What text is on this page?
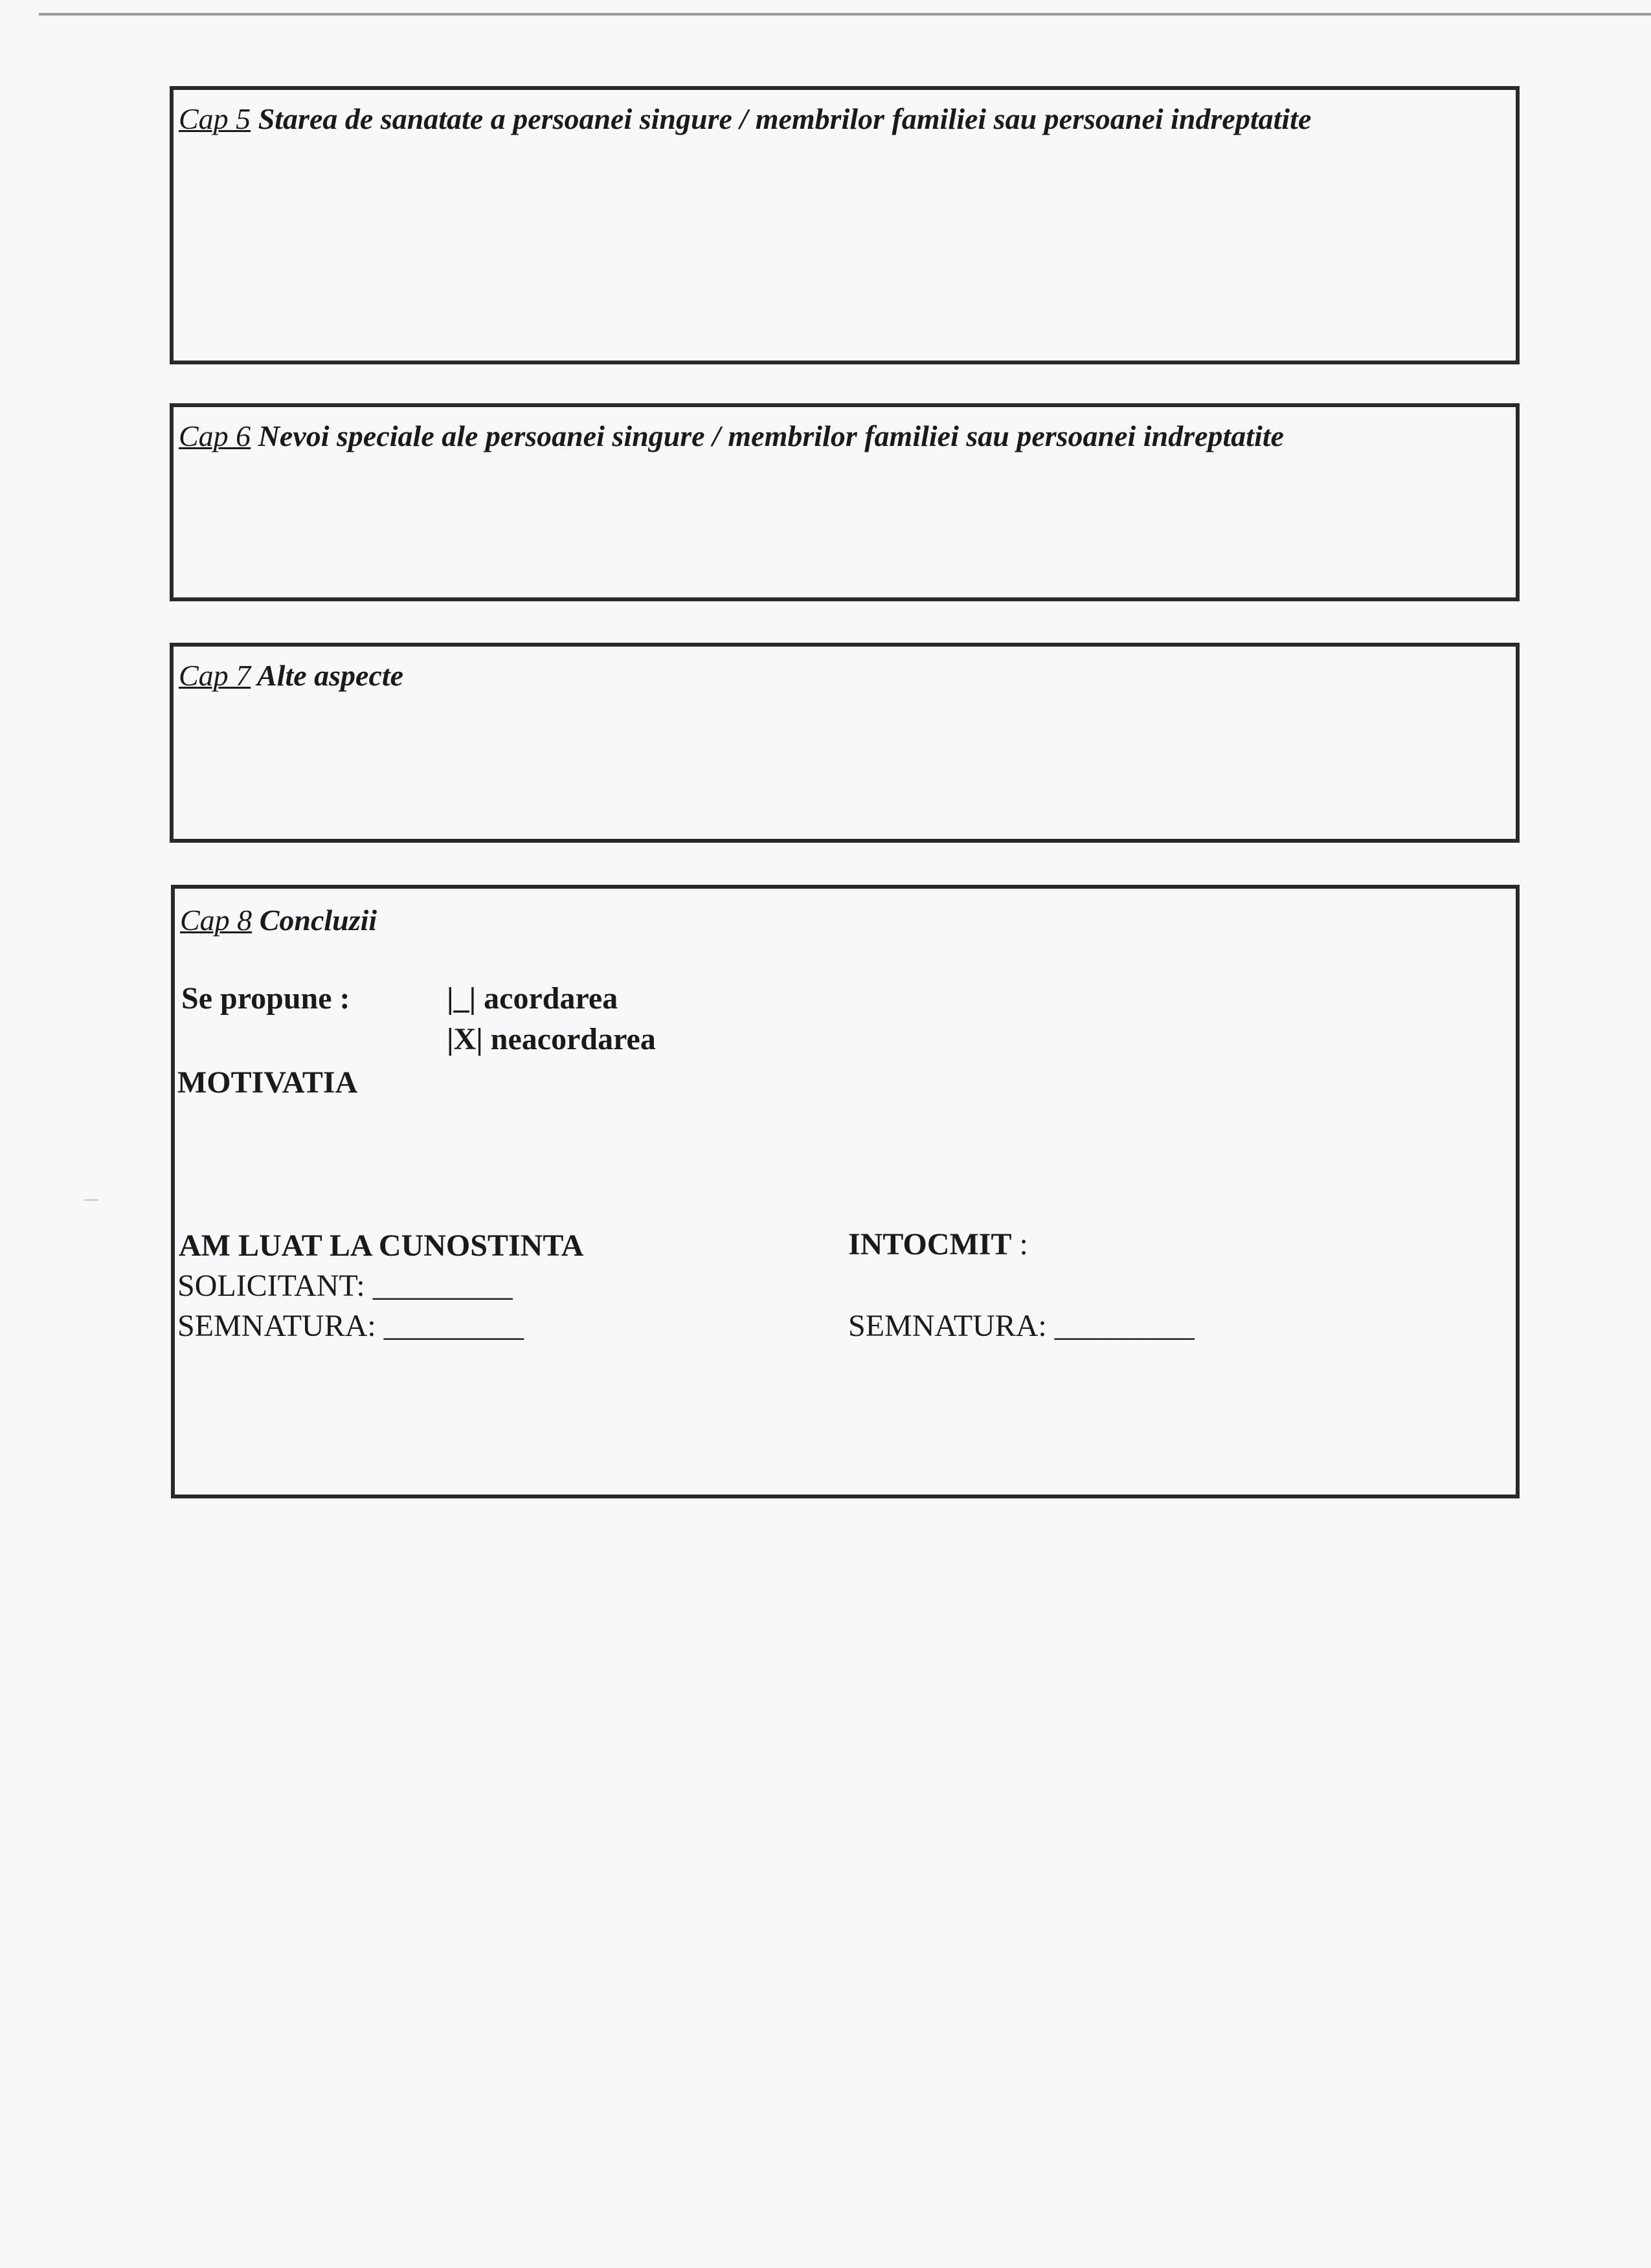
Cap 5 Starea de sanatate a persoanei singure / membrilor familiei sau persoanei indreptatite
Cap 6 Nevoi speciale ale persoanei singure / membrilor familiei sau persoanei indreptatite
Cap 7 Alte aspecte
Cap 8 Concluzii
Se propune :	|_| acordarea
|X| neacordarea
MOTIVATIA
AM LUAT LA CUNOSTINTA
SOLICITANT: _________
SEMNATURA: _________
INTOCMIT :
SEMNATURA: _________
